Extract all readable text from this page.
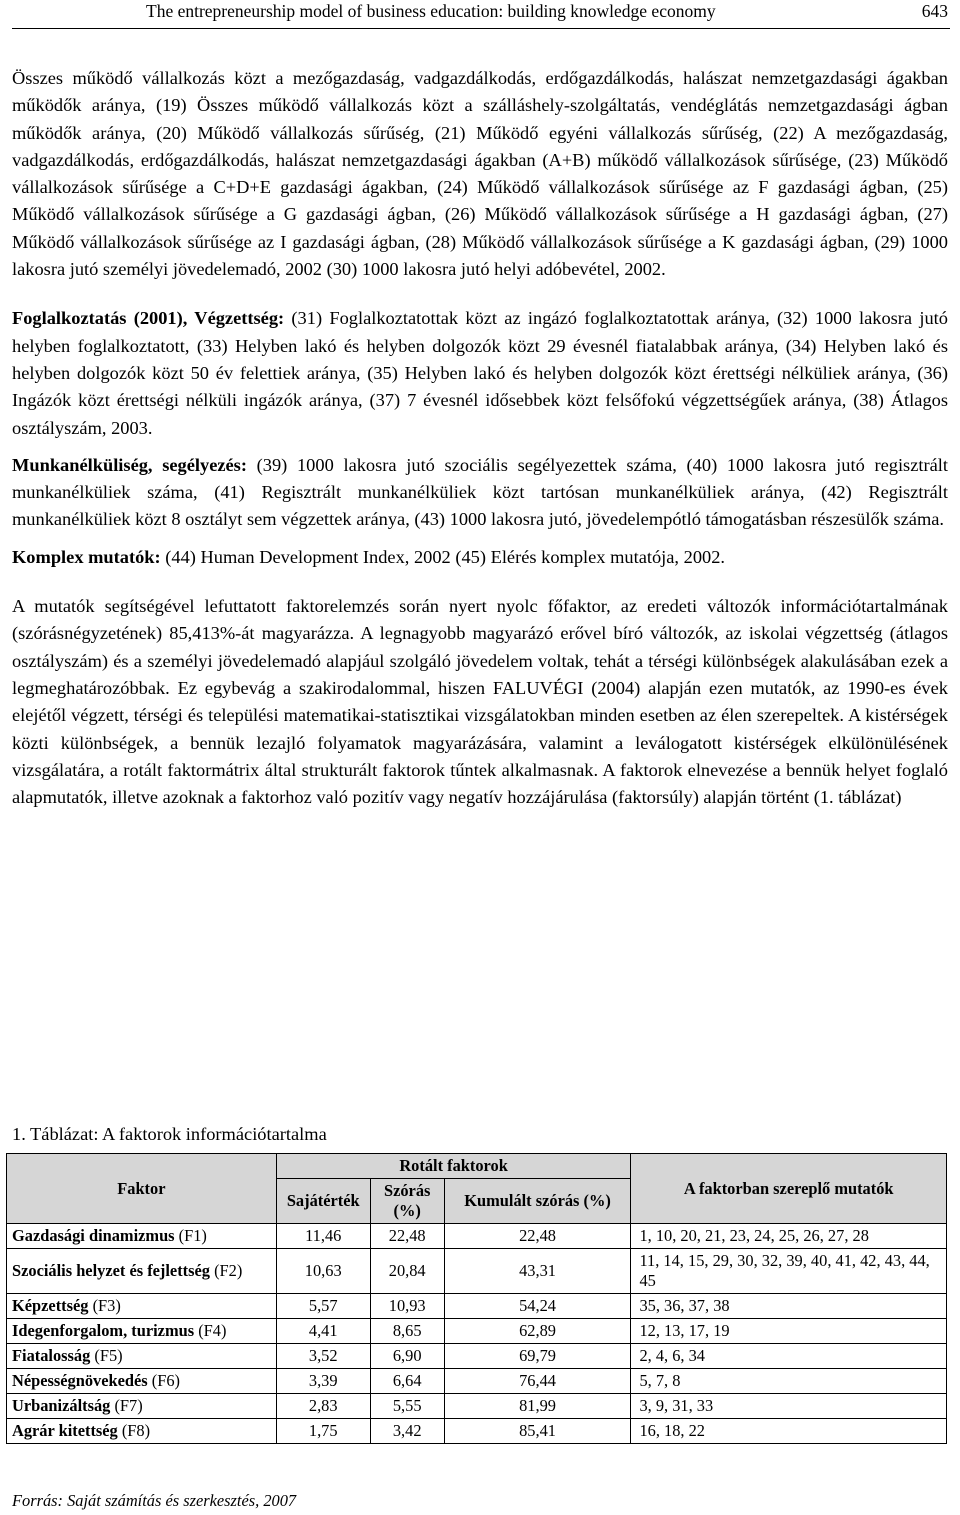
The entrepreneurship model of business education: building knowledge economy	643

Összes működő vállalkozás közt a mezőgazdaság, vadgazdálkodás, erdőgazdálkodás, halászat nemzetgazdasági ágakban működők aránya, (19) Összes működő vállalkozás közt a szálláshely-szolgáltatás, vendéglátás nemzetgazdasági ágban működők aránya, (20) Működő vállalkozás sűrűség, (21) Működő egyéni vállalkozás sűrűség, (22) A mezőgazdaság, vadgazdálkodás, erdőgazdálkodás, halászat nemzetgazdasági ágakban (A+B) működő vállalkozások sűrűsége, (23) Működő vállalkozások sűrűsége a C+D+E gazdasági ágakban, (24) Működő vállalkozások sűrűsége az F gazdasági ágban, (25) Működő vállalkozások sűrűsége a G gazdasági ágban, (26) Működő vállalkozások sűrűsége a H gazdasági ágban, (27) Működő vállalkozások sűrűsége az I gazdasági ágban, (28) Működő vállalkozások sűrűsége a K gazdasági ágban, (29) 1000 lakosra jutó személyi jövedelemadó, 2002 (30) 1000 lakosra jutó helyi adóbevétel, 2002.

Foglalkoztatás (2001), Végzettség: (31) Foglalkoztatottak közt az ingázó foglalkoztatottak aránya, (32) 1000 lakosra jutó helyben foglalkoztatott, (33) Helyben lakó és helyben dolgozók közt 29 évesnél fiatalabbak aránya, (34) Helyben lakó és helyben dolgozók közt 50 év felettiek aránya, (35) Helyben lakó és helyben dolgozók közt érettségi nélküliek aránya, (36) Ingázók közt érettségi nélküli ingázók aránya, (37) 7 évesnél idősebbek közt felsőfokú végzettségűek aránya, (38) Átlagos osztályszám, 2003.

Munkanélküliség, segélyezés: (39) 1000 lakosra jutó szociális segélyezettek száma, (40) 1000 lakosra jutó regisztrált munkanélküliek száma, (41) Regisztrált munkanélküliek közt tartósan munkanélküliek aránya, (42) Regisztrált munkanélküliek közt 8 osztályt sem végzettek aránya, (43) 1000 lakosra jutó, jövedelempótló támogatásban részesülők száma.

Komplex mutatók: (44) Human Development Index, 2002 (45) Elérés komplex mutatója, 2002.

A mutatók segítségével lefuttatott faktorelemzés során nyert nyolc főfaktor, az eredeti változók információtartalmának (szórásnégyzetének) 85,413%-át magyarázza. A legnagyobb magyarázó erővel bíró változók, az iskolai végzettség (átlagos osztályszám) és a személyi jövedelemadó alapjául szolgáló jövedelem voltak, tehát a térségi különbségek alakulásában ezek a legmeghatározóbbak. Ez egybevág a szakirodalommal, hiszen FALUVÉGI (2004) alapján ezen mutatók, az 1990-es évek elejétől végzett, térségi és települési matematikai-statisztikai vizsgálatokban minden esetben az élen szerepeltek. A kistérségek közti különbségek, a bennük lezajló folyamatok magyarázására, valamint a leválogatott kistérségek elkülönülésének vizsgálatára, a rotált faktormátrix által strukturált faktorok tűntek alkalmasnak. A faktorok elnevezése a bennük helyet foglaló alapmutatók, illetve azoknak a faktorhoz való pozitív vagy negatív hozzájárulása (faktorsúly) alapján történt (1. táblázat)

1. Táblázat: A faktorok információtartalma
Faktor	Rotált faktorok			A faktorban szereplő mutatók
	Sajátérték	Szórás (%)	Kumulált szórás (%)	
Gazdasági dinamizmus (F1)	11,46	22,48	22,48	1, 10, 20, 21, 23, 24, 25, 26, 27, 28
Szociális helyzet és fejlettség (F2)	10,63	20,84	43,31	11, 14, 15, 29, 30, 32, 39, 40, 41, 42, 43, 44, 45
Képzettség (F3)	5,57	10,93	54,24	35, 36, 37, 38
Idegenforgalom, turizmus (F4)	4,41	8,65	62,89	12, 13, 17, 19
Fiatalosság (F5)	3,52	6,90	69,79	2, 4, 6, 34
Népességnövekedés (F6)	3,39	6,64	76,44	5, 7, 8
Urbanizáltság (F7)	2,83	5,55	81,99	3, 9, 31, 33
Agrár kitettség (F8)	1,75	3,42	85,41	16, 18, 22
Forrás: Saját számítás és szerkesztés, 2007
